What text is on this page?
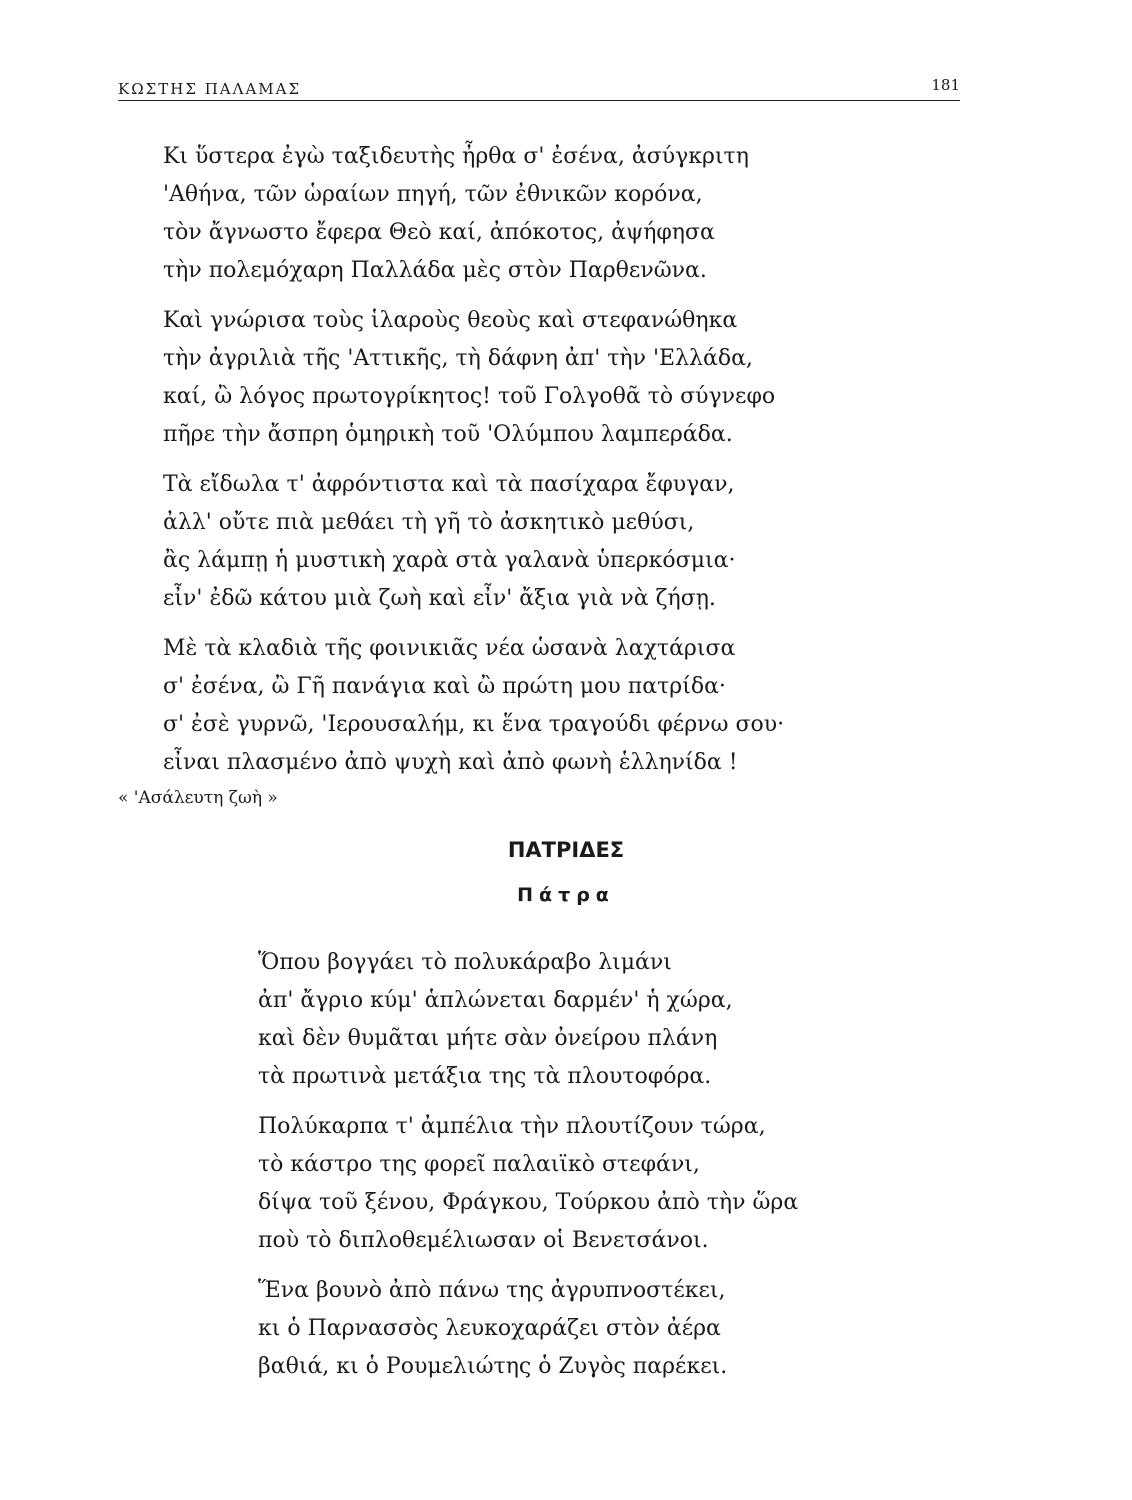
ΚΩΣΤΗΣ ΠΑΛΑΜΑΣ	181
Κι ὕστερα ἐγὼ ταξιδευτὴς ἦρθα σ' ἐσένα, ἀσύγκριτη
'Αθήνα, τῶν ὡραίων πηγή, τῶν ἐθνικῶν κορόνα,
τὸν ἄγνωστο ἔφερα Θεὸ καί, ἀπόκοτος, ἀψήφησα
τὴν πολεμόχαρη Παλλάδα μὲς στὸν Παρθενῶνα.
Καὶ γνώρισα τοὺς ἱλαροὺς θεοὺς καὶ στεφανώθηκα
τὴν ἀγριλιὰ τῆς 'Αττικῆς, τὴ δάφνη ἀπ' τὴν 'Ελλάδα,
καί, ὢ λόγος πρωτογρίκητος! τοῦ Γολγοθᾶ τὸ σύγνεφο
πῆρε τὴν ἄσπρη ὁμηρικὴ τοῦ 'Ολύμπου λαμπεράδα.
Τὰ εἴδωλα τ' ἀφρόντιστα καὶ τὰ πασίχαρα ἔφυγαν,
ἀλλ' οὔτε πιὰ μεθάει τὴ γῆ τὸ ἀσκητικὸ μεθύσι,
ἂς λάμπῃ ἡ μυστικὴ χαρὰ στὰ γαλανὰ ὑπερκόσμια·
εἶν' ἐδῶ κάτου μιὰ ζωὴ καὶ εἶν' ἄξια γιὰ νὰ ζήσῃ.
Μὲ τὰ κλαδιὰ τῆς φοινικιᾶς νέα ὡσανὰ λαχτάρισα
σ' ἐσένα, ὢ Γῆ πανάγια καὶ ὢ πρώτη μου πατρίδα·
σ' ἐσὲ γυρνῶ, 'Ιερουσαλήμ, κι ἕνα τραγούδι φέρνω σου·
εἶναι πλασμένο ἀπὸ ψυχὴ καὶ ἀπὸ φωνὴ ἑλληνίδα !
« 'Ασάλευτη ζωὴ »
ΠΑΤΡΙΔΕΣ
Πάτρα
Ὅπου βογγάει τὸ πολυκάραβο λιμάνι
ἀπ' ἄγριο κύμ' ἁπλώνεται δαρμέν' ἡ χώρα,
καὶ δὲν θυμᾶται μήτε σὰν ὀνείρου πλάνη
τὰ πρωτινὰ μετάξια της τὰ πλουτοφόρα.
Πολύκαρπα τ' ἀμπέλια τὴν πλουτίζουν τώρα,
τὸ κάστρο της φορεῖ παλαιϊκὸ στεφάνι,
δίψα τοῦ ξένου, Φράγκου, Τούρκου ἀπὸ τὴν ὥρα
ποὺ τὸ διπλοθεμέλιωσαν οἱ Βενετσάνοι.
Ἕνα βουνὸ ἀπὸ πάνω της ἀγρυπνοστέκει,
κι ὁ Παρνασσὸς λευκοχαράζει στὸν ἀέρα
βαθιά, κι ὁ Ρουμελιώτης ὁ Ζυγὸς παρέκει.
